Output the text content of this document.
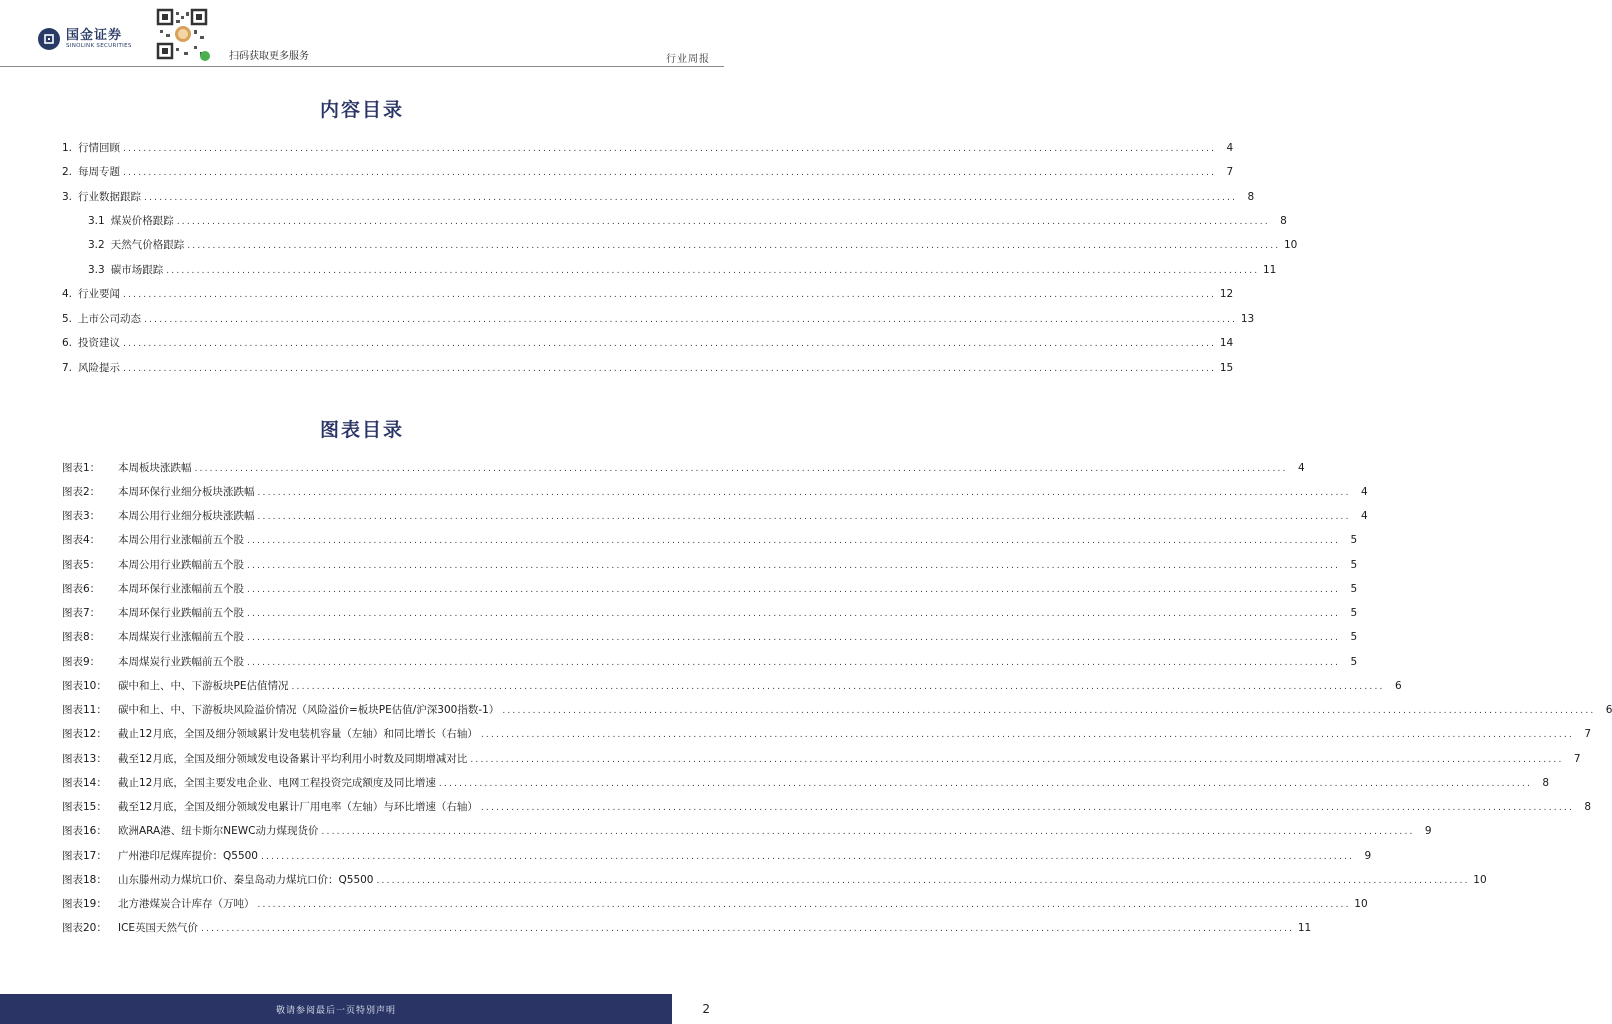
国金证券
SINOLINK SECURITIES
扫码获取更多服务	行业周报
内容目录
1. 行情回顾 ........................................................................................................................................................................................................................ 4
2. 每周专题 ........................................................................................................................................................................................................................ 7
3. 行业数据跟踪 ........................................................................................................................................................................................................................ 8
3.1 煤炭价格跟踪 ........................................................................................................................................................................................................................ 8
3.2 天然气价格跟踪 ........................................................................................................................................................................................................................ 10
3.3 碳市场跟踪 ........................................................................................................................................................................................................................ 11
4. 行业要闻 ........................................................................................................................................................................................................................ 12
5. 上市公司动态 ........................................................................................................................................................................................................................ 13
6. 投资建议 ........................................................................................................................................................................................................................ 14
7. 风险提示 ........................................................................................................................................................................................................................ 15
图表目录
图表1：	本周板块涨跌幅 ........................................................................................................................................................................................................................ 4
图表2：	本周环保行业细分板块涨跌幅 ........................................................................................................................................................................................................................ 4
图表3：	本周公用行业细分板块涨跌幅 ........................................................................................................................................................................................................................ 4
图表4：	本周公用行业涨幅前五个股 ........................................................................................................................................................................................................................ 5
图表5：	本周公用行业跌幅前五个股 ........................................................................................................................................................................................................................ 5
图表6：	本周环保行业涨幅前五个股 ........................................................................................................................................................................................................................ 5
图表7：	本周环保行业跌幅前五个股 ........................................................................................................................................................................................................................ 5
图表8：	本周煤炭行业涨幅前五个股 ........................................................................................................................................................................................................................ 5
图表9：	本周煤炭行业跌幅前五个股 ........................................................................................................................................................................................................................ 5
图表10：	碳中和上、中、下游板块PE估值情况 ........................................................................................................................................................................................................................ 6
图表11：	碳中和上、中、下游板块风险溢价情况（风险溢价=板块PE估值/沪深300指数-1） ........................................................................................................................................................................................................................ 6
图表12：	截止12月底，全国及细分领域累计发电装机容量（左轴）和同比增长（右轴） ........................................................................................................................................................................................................................ 7
图表13：	截至12月底，全国及细分领域发电设备累计平均利用小时数及同期增减对比 ........................................................................................................................................................................................................................ 7
图表14：	截止12月底，全国主要发电企业、电网工程投资完成额度及同比增速 ........................................................................................................................................................................................................................ 8
图表15：	截至12月底，全国及细分领域发电累计厂用电率（左轴）与环比增速（右轴） ........................................................................................................................................................................................................................ 8
图表16：	欧洲ARA港、纽卡斯尔NEWC动力煤现货价 ........................................................................................................................................................................................................................ 9
图表17：	广州港印尼煤库提价：Q5500 ........................................................................................................................................................................................................................ 9
图表18：	山东滕州动力煤坑口价、秦皇岛动力煤坑口价：Q5500 ........................................................................................................................................................................................................................ 10
图表19：	北方港煤炭合计库存（万吨） ........................................................................................................................................................................................................................ 10
图表20：	ICE英国天然气价 ........................................................................................................................................................................................................................ 11
敬请参阅最后一页特别声明	2
